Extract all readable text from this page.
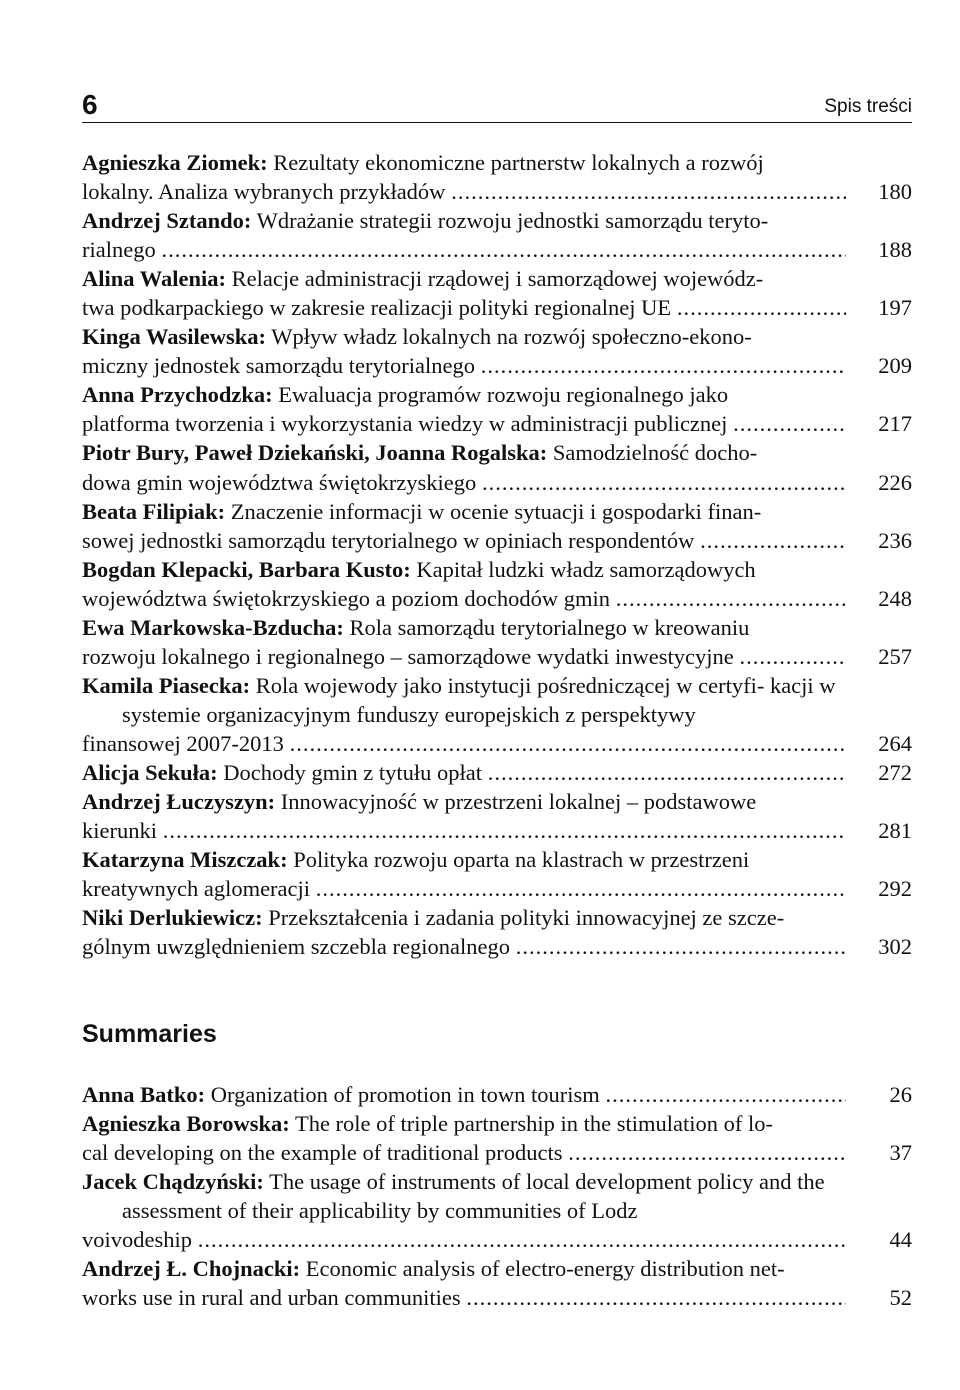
6	Spis treści
Agnieszka Ziomek: Rezultaty ekonomiczne partnerstw lokalnych a rozwój
lokalny. Analiza wybranych przykładów .....	180
Andrzej Sztando: Wdrażanie strategii rozwoju jednostki samorządu teryto-
rialnego .....	188
Alina Walenia: Relacje administracji rządowej i samorządowej wojewódz-
twa podkarpackiego w zakresie realizacji polityki regionalnej UE .....	197
Kinga Wasilewska: Wpływ władz lokalnych na rozwój społeczno-ekono-
miczny jednostek samorządu terytorialnego .....	209
Anna Przychodzka: Ewaluacja programów rozwoju regionalnego jako
platforma tworzenia i wykorzystania wiedzy w administracji publicznej .....	217
Piotr Bury, Paweł Dziekański, Joanna Rogalska: Samodzielność docho-
dowa gmin województwa świętokrzyskiego .....	226
Beata Filipiak: Znaczenie informacji w ocenie sytuacji i gospodarki finan-
sowej jednostki samorządu terytorialnego w opiniach respondentów .....	236
Bogdan Klepacki, Barbara Kusto: Kapitał ludzki władz samorządowych
województwa świętokrzyskiego a poziom dochodów gmin .....	248
Ewa Markowska-Bzducha: Rola samorządu terytorialnego w kreowaniu
rozwoju lokalnego i regionalnego – samorządowe wydatki inwestycyjne .....	257
Kamila Piasecka: Rola wojewody jako instytucji pośredniczącej w certyfi- kacji w systemie organizacyjnym funduszy europejskich z perspektywy
finansowej 2007-2013 .....	264
Alicja Sekuła: Dochody gmin z tytułu opłat .....	272
Andrzej Łuczyszyn: Innowacyjność w przestrzeni lokalnej – podstawowe
kierunki .....	281
Katarzyna Miszczak: Polityka rozwoju oparta na klastrach w przestrzeni
kreatywnych aglomeracji .....	292
Niki Derlukiewicz: Przekształcenia i zadania polityki innowacyjnej ze szcze-
gólnym uwzględnieniem szczebla regionalnego .....	302
Summaries
Anna Batko: Organization of promotion in town tourism .....	26
Agnieszka Borowska: The role of triple partnership in the stimulation of lo-
cal developing on the example of traditional products .....	37
Jacek Chądzyński: The usage of instruments of local development policy and the assessment of their applicability by communities of Lodz
voivodeship .....	44
Andrzej Ł. Chojnacki: Economic analysis of electro-energy distribution net-
works use in rural and urban communities .....	52
